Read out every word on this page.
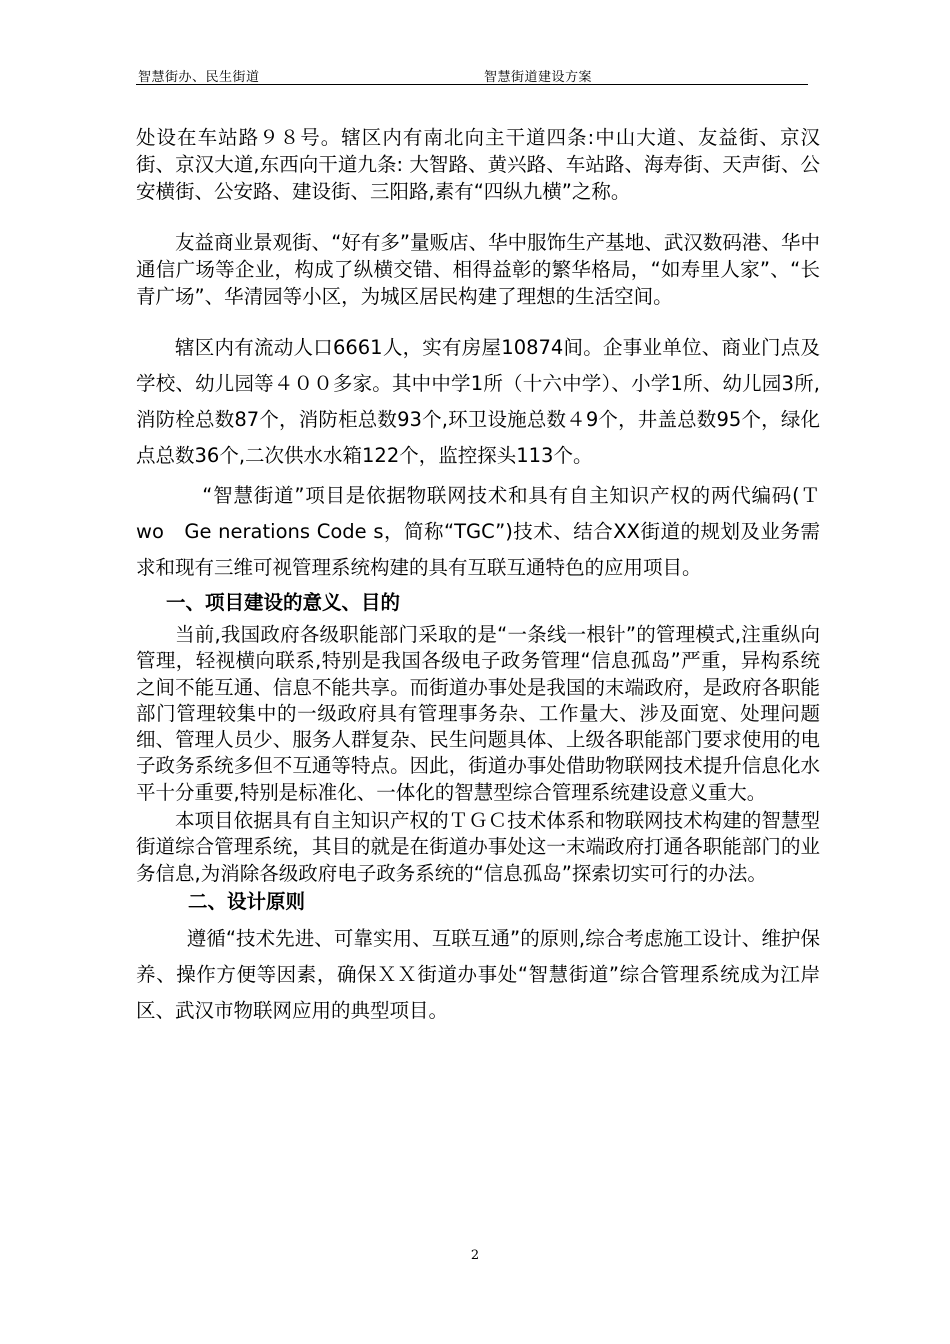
智慧街办、民生街道	智慧街道建设方案

处设在车站路９８号。辖区内有南北向主干道四条:中山大道、友益街、京汉街、京汉大道,东西向干道九条: 大智路、黄兴路、车站路、海寿街、天声街、公安横街、公安路、建设街、三阳路,素有“四纵九横”之称。

友益商业景观街、“好有多”量贩店、华中服饰生产基地、武汉数码港、华中通信广场等企业，构成了纵横交错、相得益彰的繁华格局，“如寿里人家”、“长青广场”、华清园等小区，为城区居民构建了理想的生活空间。

辖区内有流动人口6661人，实有房屋10874间。企事业单位、商业门点及学校、幼儿园等４００多家。其中中学1所（十六中学）、小学1所、幼儿园3所,消防栓总数87个，消防柜总数93个,环卫设施总数４9个，井盖总数95个，绿化点总数36个,二次供水水箱122个，监控探头113个。

“智慧街道”项目是依据物联网技术和具有自主知识产权的两代编码(Ｔwo　Ge nerations Code s，简称“TGC”)技术、结合XX街道的规划及业务需求和现有三维可视管理系统构建的具有互联互通特色的应用项目。

一、项目建设的意义、目的

当前,我国政府各级职能部门采取的是“一条线一根针”的管理模式,注重纵向管理，轻视横向联系,特别是我国各级电子政务管理“信息孤岛”严重，异构系统之间不能互通、信息不能共享。而街道办事处是我国的末端政府，是政府各职能部门管理较集中的一级政府具有管理事务杂、工作量大、涉及面宽、处理问题细、管理人员少、服务人群复杂、民生问题具体、上级各职能部门要求使用的电子政务系统多但不互通等特点。因此，街道办事处借助物联网技术提升信息化水平十分重要,特别是标准化、一体化的智慧型综合管理系统建设意义重大。

本项目依据具有自主知识产权的ＴＧＣ技术体系和物联网技术构建的智慧型街道综合管理系统，其目的就是在街道办事处这一末端政府打通各职能部门的业务信息,为消除各级政府电子政务系统的“信息孤岛”探索切实可行的办法。

二、设计原则

遵循“技术先进、可靠实用、互联互通”的原则,综合考虑施工设计、维护保养、操作方便等因素，确保ＸＸ街道办事处“智慧街道”综合管理系统成为江岸区、武汉市物联网应用的典型项目。

2
